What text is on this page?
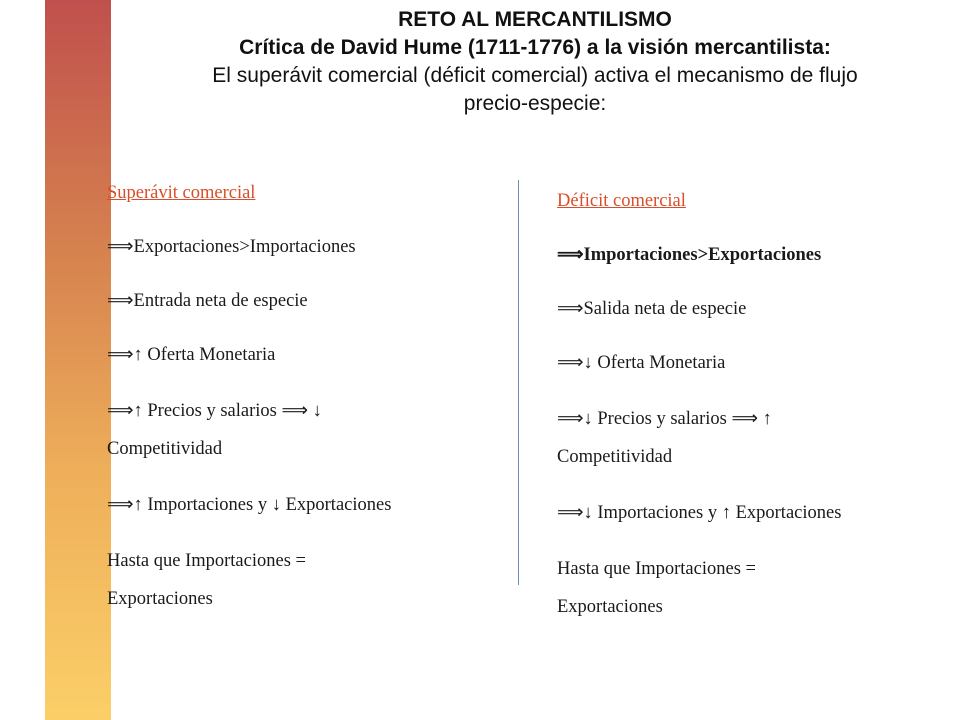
RETO AL MERCANTILISMO
Crítica de David Hume (1711-1776) a la visión mercantilista:
El superávit comercial (déficit comercial) activa el mecanismo de flujo
precio-especie:
Superávit comercial
⟹Exportaciones>Importaciones
⟹Entrada neta de especie
⟹↑ Oferta Monetaria
⟹↑ Precios y salarios ⟹ ↓
Competitividad
⟹↑ Importaciones y ↓ Exportaciones
Hasta que Importaciones =
Exportaciones
Déficit comercial
⟹Importaciones>Exportaciones
⟹Salida neta de especie
⟹↓ Oferta Monetaria
⟹↓ Precios y salarios ⟹ ↑
Competitividad
⟹↓ Importaciones y ↑ Exportaciones
Hasta que Importaciones =
Exportaciones
